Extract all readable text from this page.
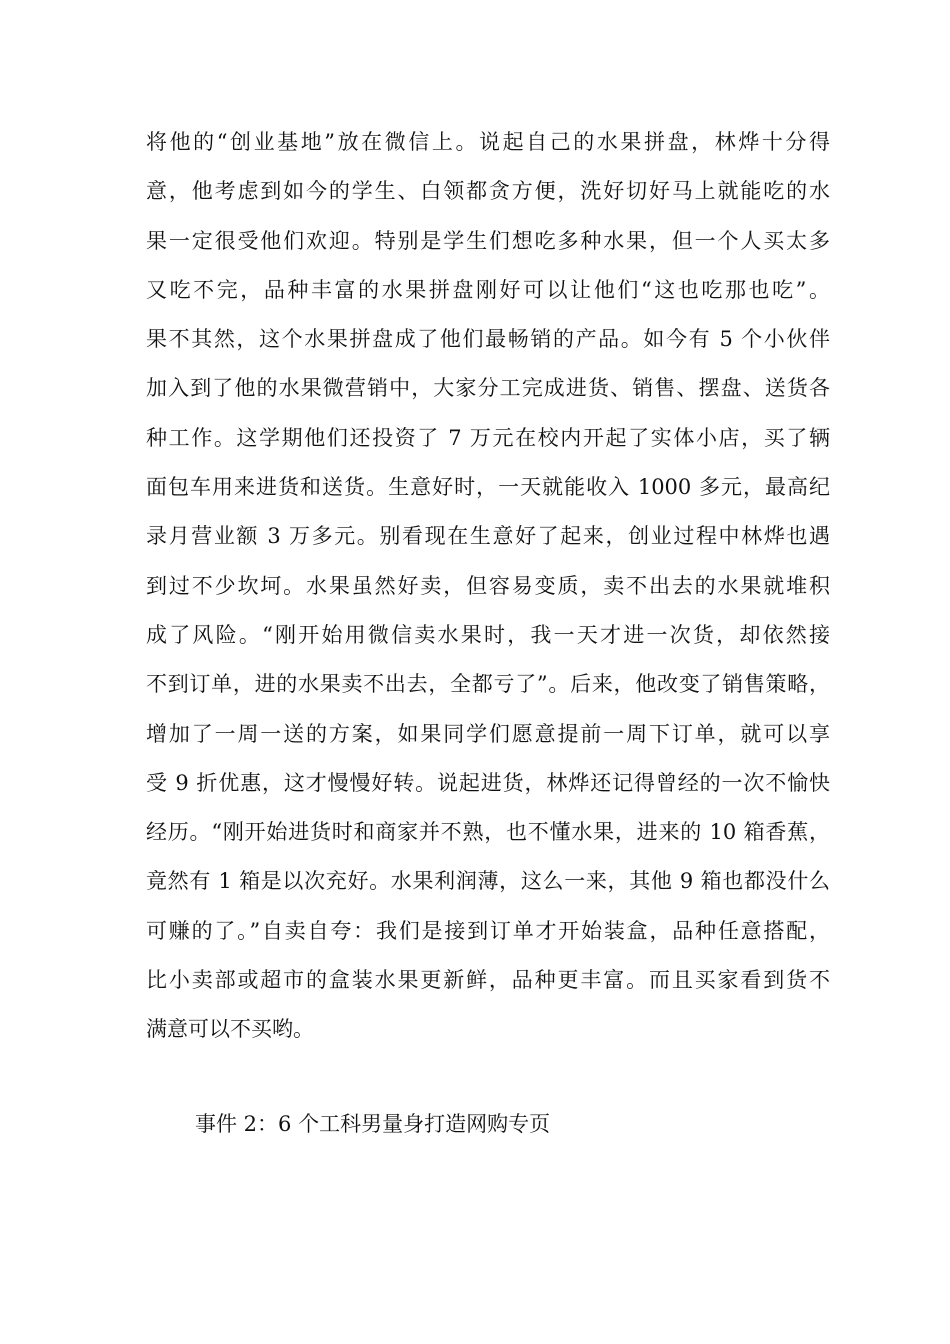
将他的“创业基地”放在微信上。说起自己的水果拼盘，林烨十分得
意，他考虑到如今的学生、白领都贪方便，洗好切好马上就能吃的水
果一定很受他们欢迎。特别是学生们想吃多种水果，但一个人买太多
又吃不完，品种丰富的水果拼盘刚好可以让他们“这也吃那也吃”。
果不其然，这个水果拼盘成了他们最畅销的产品。如今有 5 个小伙伴
加入到了他的水果微营销中，大家分工完成进货、销售、摆盘、送货各
种工作。这学期他们还投资了 7 万元在校内开起了实体小店，买了辆
面包车用来进货和送货。生意好时，一天就能收入 1000 多元，最高纪
录月营业额 3 万多元。别看现在生意好了起来，创业过程中林烨也遇
到过不少坎坷。水果虽然好卖，但容易变质，卖不出去的水果就堆积
成了风险。“刚开始用微信卖水果时，我一天才进一次货，却依然接
不到订单，进的水果卖不出去，全都亏了”。后来，他改变了销售策略，
增加了一周一送的方案，如果同学们愿意提前一周下订单，就可以享
受 9 折优惠，这才慢慢好转。说起进货，林烨还记得曾经的一次不愉快
经历。“刚开始进货时和商家并不熟，也不懂水果，进来的 10 箱香蕉，
竟然有 1 箱是以次充好。水果利润薄，这么一来，其他 9 箱也都没什么
可赚的了。”自卖自夸：我们是接到订单才开始装盒，品种任意搭配，
比小卖部或超市的盒装水果更新鲜，品种更丰富。而且买家看到货不
满意可以不买哟。
事件 2：6 个工科男量身打造网购专页
